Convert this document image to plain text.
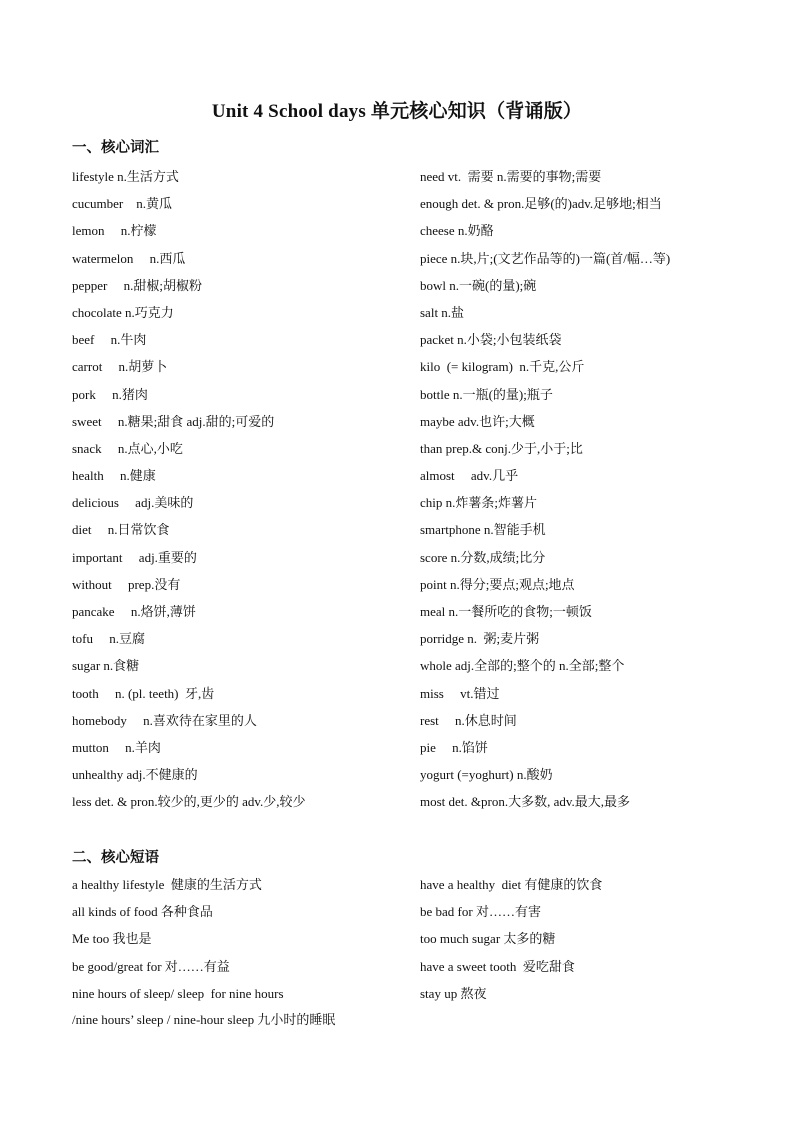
Unit 4 School days 单元核心知识（背诵版）
一、核心词汇
lifestyle n.生活方式
cucumber    n.黄瓜
lemon     n.柠檬
watermelon     n.西瓜
pepper     n.甜椒;胡椒粉
chocolate n.巧克力
beef     n.牛肉
carrot     n.胡萝卜
pork     n.猪肉
sweet     n.糖果;甜食 adj.甜的;可爱的
snack     n.点心,小吃
health     n.健康
delicious     adj.美味的
diet     n.日常饮食
important     adj.重要的
without     prep.没有
pancake     n.烙饼,薄饼
tofu     n.豆腐
sugar n.食糖
tooth     n. (pl. teeth)  牙,齿
homebody     n.喜欢待在家里的人
mutton     n.羊肉
unhealthy adj.不健康的
less det. & pron.较少的,更少的 adv.少,较少
need vt.  需要 n.需要的事物;需要
enough det. & pron.足够(的)adv.足够地;相当
cheese n.奶酪
piece n.块,片;(文艺作品等的)一篇(首/幅…等)
bowl n.一碗(的量);碗
salt n.盐
packet n.小袋;小包装纸袋
kilo  (= kilogram)  n.千克,公斤
bottle n.一瓶(的量);瓶子
maybe adv.也许;大概
than prep.& conj.少于,小于;比
almost     adv.几乎
chip n.炸薯条;炸薯片
smartphone n.智能手机
score n.分数,成绩;比分
point n.得分;要点;观点;地点
meal n.一餐所吃的食物;一顿饭
porridge n.  粥;麦片粥
whole adj.全部的;整个的 n.全部;整个
miss     vt.错过
rest     n.休息时间
pie     n.馅饼
yogurt (=yoghurt) n.酸奶
most det. &pron.大多数, adv.最大,最多
二、核心短语
a healthy lifestyle  健康的生活方式
all kinds of food 各种食品
Me too 我也是
be good/great for 对……有益
nine hours of sleep/ sleep  for nine hours
/nine hours’ sleep / nine-hour sleep 九小时的睡眠
have a healthy  diet 有健康的饮食
be bad for 对……有害
too much sugar 太多的糖
have a sweet tooth  爱吃甜食
stay up 熬夜
